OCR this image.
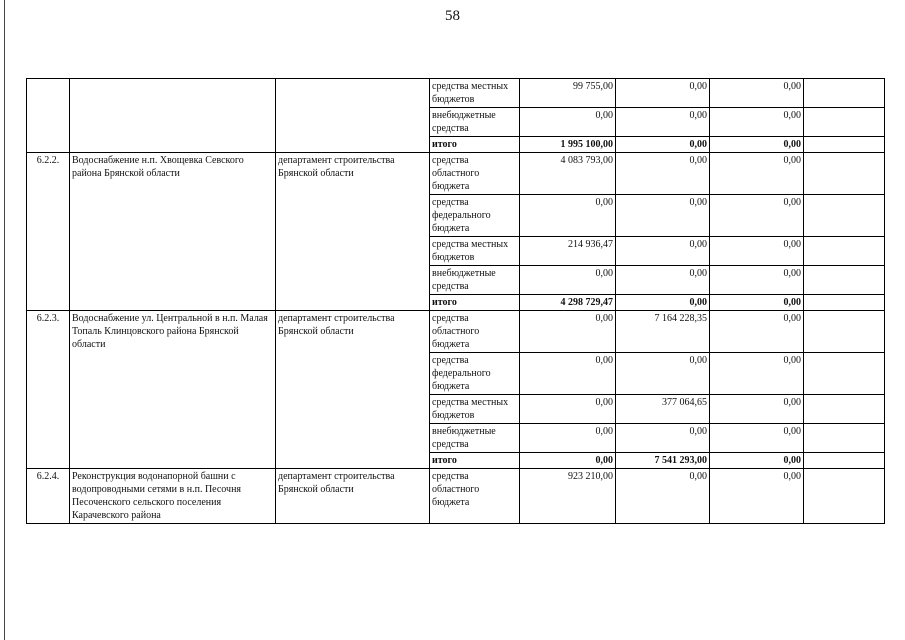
58
			средства местных бюджетов	99 755,00	0,00	0,00	
			внебюджетные средства	0,00	0,00	0,00	
			итого	1 995 100,00	0,00	0,00	
6.2.2.	Водоснабжение н.п. Хвощевка Севского района Брянской области	департамент строительства Брянской области	средства областного бюджета	4 083 793,00	0,00	0,00	
			средства федерального бюджета	0,00	0,00	0,00	
			средства местных бюджетов	214 936,47	0,00	0,00	
			внебюджетные средства	0,00	0,00	0,00	
			итого	4 298 729,47	0,00	0,00	
6.2.3.	Водоснабжение ул. Центральной в н.п. Малая Топаль Клинцовского района Брянской области	департамент строительства Брянской области	средства областного бюджета	0,00	7 164 228,35	0,00	
			средства федерального бюджета	0,00	0,00	0,00	
			средства местных бюджетов	0,00	377 064,65	0,00	
			внебюджетные средства	0,00	0,00	0,00	
			итого	0,00	7 541 293,00	0,00	
6.2.4.	Реконструкция водонапорной башни с водопроводными сетями в н.п. Песочня Песоченского сельского поселения Карачевского района	департамент строительства Брянской области	средства областного бюджета	923 210,00	0,00	0,00	
